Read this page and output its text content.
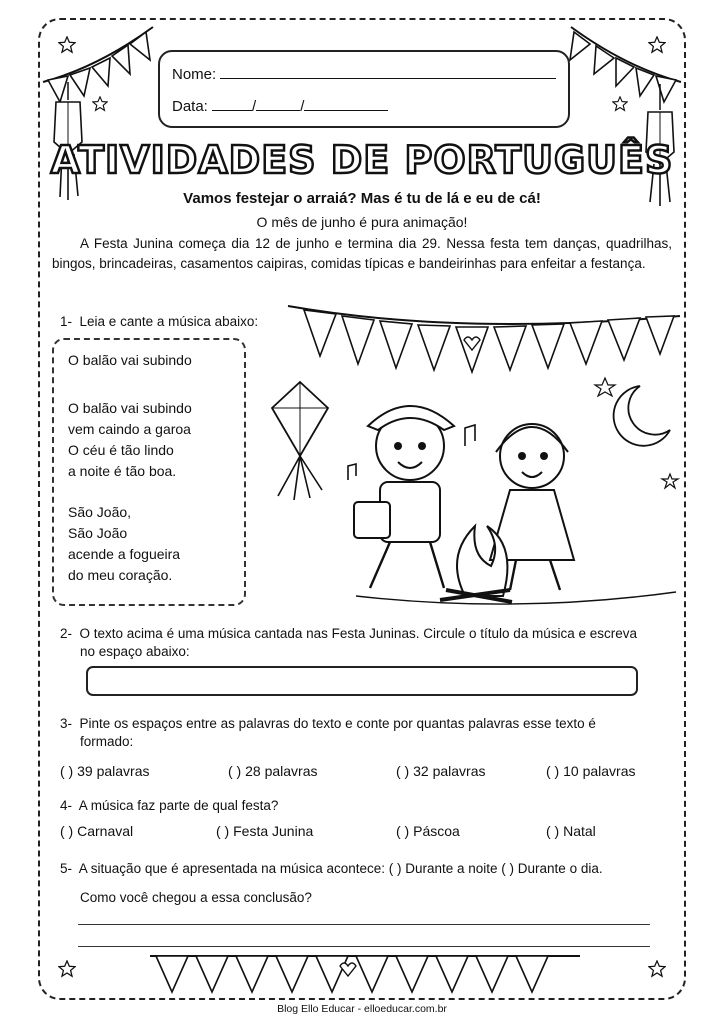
Nome:
Data:	/	/
ATIVIDADES DE PORTUGUÊS
Vamos festejar o arraiá? Mas é tu de lá e eu de cá!
O mês de junho é pura animação!
A Festa Junina começa dia 12 de junho e termina dia 29. Nessa festa tem danças, quadrilhas, bingos, brincadeiras, casamentos caipiras, comidas típicas e bandeirinhas para enfeitar a festança.
1- Leia e cante a música abaixo:
O balão vai subindo
O balão vai subindo
vem caindo a garoa
O céu é tão lindo
a noite é tão boa.
São João,
São João
acende a fogueira
do meu coração.
2- O texto acima é uma música cantada nas Festa Juninas. Circule o título da música e escreva
no espaço abaixo:
3- Pinte os espaços entre as palavras do texto e conte por quantas palavras esse texto é
formado:
( ) 39 palavras	( ) 28 palavras	( ) 32 palavras	( ) 10 palavras
4- A música faz parte de qual festa?
( ) Carnaval	( ) Festa Junina	( ) Páscoa	( ) Natal
5- A situação que é apresentada na música acontece: ( ) Durante a noite ( ) Durante o dia.
Como você chegou a essa conclusão?
Blog Ello Educar - elloeducar.com.br
